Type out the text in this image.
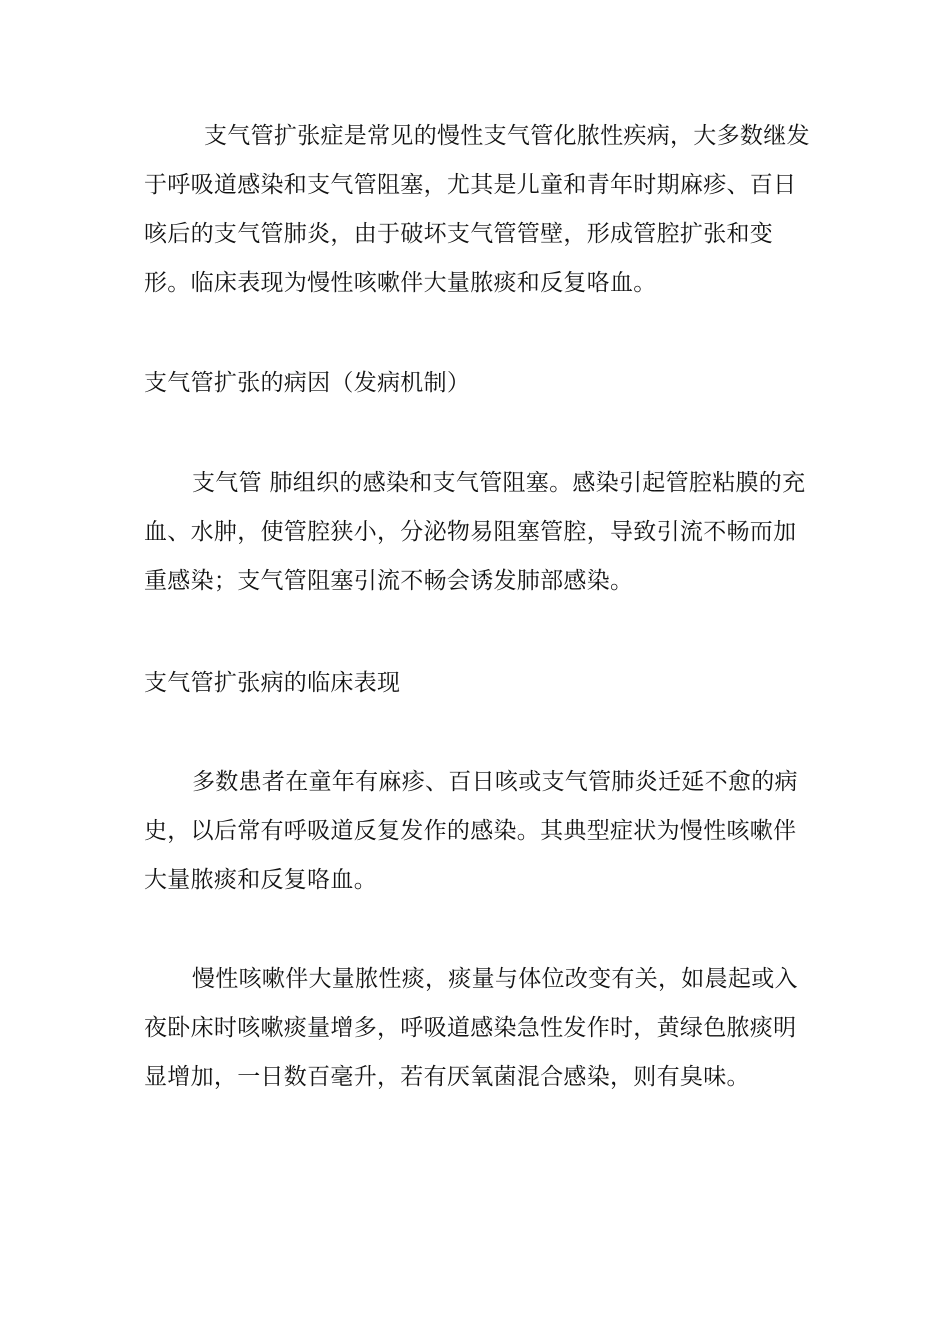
支气管扩张症是常见的慢性支气管化脓性疾病，大多数继发于呼吸道感染和支气管阻塞，尤其是儿童和青年时期麻疹、百日咳后的支气管肺炎，由于破坏支气管管壁，形成管腔扩张和变形。临床表现为慢性咳嗽伴大量脓痰和反复咯血。

支气管扩张的病因（发病机制）

支气管 肺组织的感染和支气管阻塞。感染引起管腔粘膜的充血、水肿，使管腔狭小，分泌物易阻塞管腔，导致引流不畅而加重感染；支气管阻塞引流不畅会诱发肺部感染。

支气管扩张病的临床表现

多数患者在童年有麻疹、百日咳或支气管肺炎迁延不愈的病史，以后常有呼吸道反复发作的感染。其典型症状为慢性咳嗽伴大量脓痰和反复咯血。

慢性咳嗽伴大量脓性痰，痰量与体位改变有关，如晨起或入夜卧床时咳嗽痰量增多，呼吸道感染急性发作时，黄绿色脓痰明显增加，一日数百毫升，若有厌氧菌混合感染，则有臭味。
